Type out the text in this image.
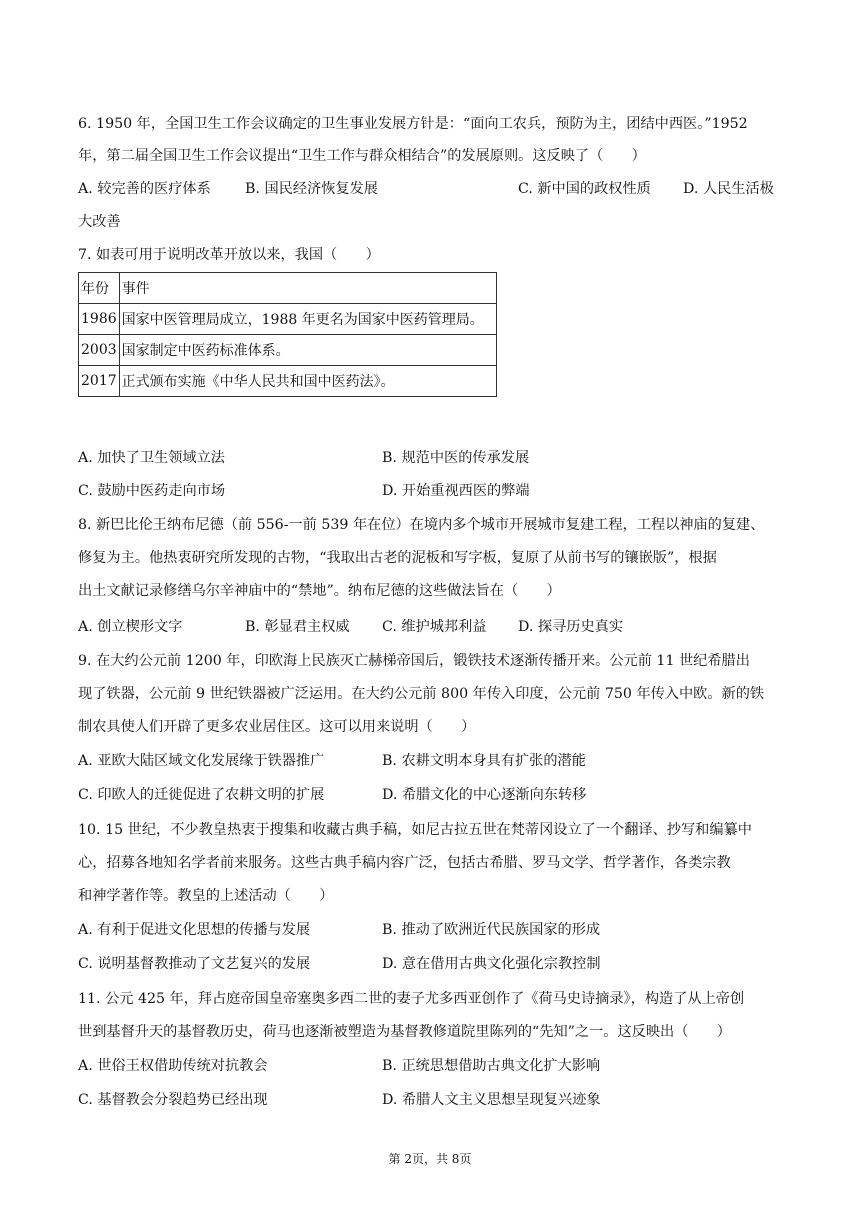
6. 1950 年，全国卫生工作会议确定的卫生事业发展方针是：“面向工农兵，预防为主，团结中西医。”1952
年，第二届全国卫生工作会议提出“卫生工作与群众相结合”的发展原则。这反映了（　　）
A. 较完善的医疗体系 B. 国民经济恢复发展	C. 新中国的政权性质 D. 人民生活极
大改善
7. 如表可用于说明改革开放以来，我国（　　）
年份	事件
1986	国家中医管理局成立，1988 年更名为国家中医药管理局。
2003	国家制定中医药标准体系。
2017	正式颁布实施《中华人民共和国中医药法》。
A. 加快了卫生领域立法	B. 规范中医的传承发展
C. 鼓励中医药走向市场	D. 开始重视西医的弊端
8. 新巴比伦王纳布尼德（前 556-一前 539 年在位）在境内多个城市开展城市复建工程，工程以神庙的复建、
修复为主。他热衷研究所发现的古物，“我取出古老的泥板和写字板，复原了从前书写的镶嵌版”，根据
出土文献记录修缮乌尔辛神庙中的“禁地”。纳布尼德的这些做法旨在（　　）
A. 创立楔形文字	B. 彰显君主权威 C. 维护城邦利益 D. 探寻历史真实
9. 在大约公元前 1200 年，印欧海上民族灭亡赫梯帝国后，锻铁技术逐渐传播开来。公元前 11 世纪希腊出
现了铁器，公元前 9 世纪铁器被广泛运用。在大约公元前 800 年传入印度，公元前 750 年传入中欧。新的铁
制农具使人们开辟了更多农业居住区。这可以用来说明（　　）
A. 亚欧大陆区域文化发展缘于铁器推广	B. 农耕文明本身具有扩张的潜能
C. 印欧人的迁徙促进了农耕文明的扩展	D. 希腊文化的中心逐渐向东转移
10. 15 世纪，不少教皇热衷于搜集和收藏古典手稿，如尼古拉五世在梵蒂冈设立了一个翻译、抄写和编纂中
心，招募各地知名学者前来服务。这些古典手稿内容广泛，包括古希腊、罗马文学、哲学著作，各类宗教
和神学著作等。教皇的上述活动（　　）
A. 有利于促进文化思想的传播与发展	B. 推动了欧洲近代民族国家的形成
C. 说明基督教推动了文艺复兴的发展	D. 意在借用古典文化强化宗教控制
11. 公元 425 年，拜占庭帝国皇帝塞奥多西二世的妻子尤多西亚创作了《荷马史诗摘录》，构造了从上帝创
世到基督升天的基督教历史，荷马也逐渐被塑造为基督教修道院里陈列的“先知”之一。这反映出（　　）
A. 世俗王权借助传统对抗教会	B. 正统思想借助古典文化扩大影响
C. 基督教会分裂趋势已经出现	D. 希腊人文主义思想呈现复兴迹象
第 2页，共 8页
